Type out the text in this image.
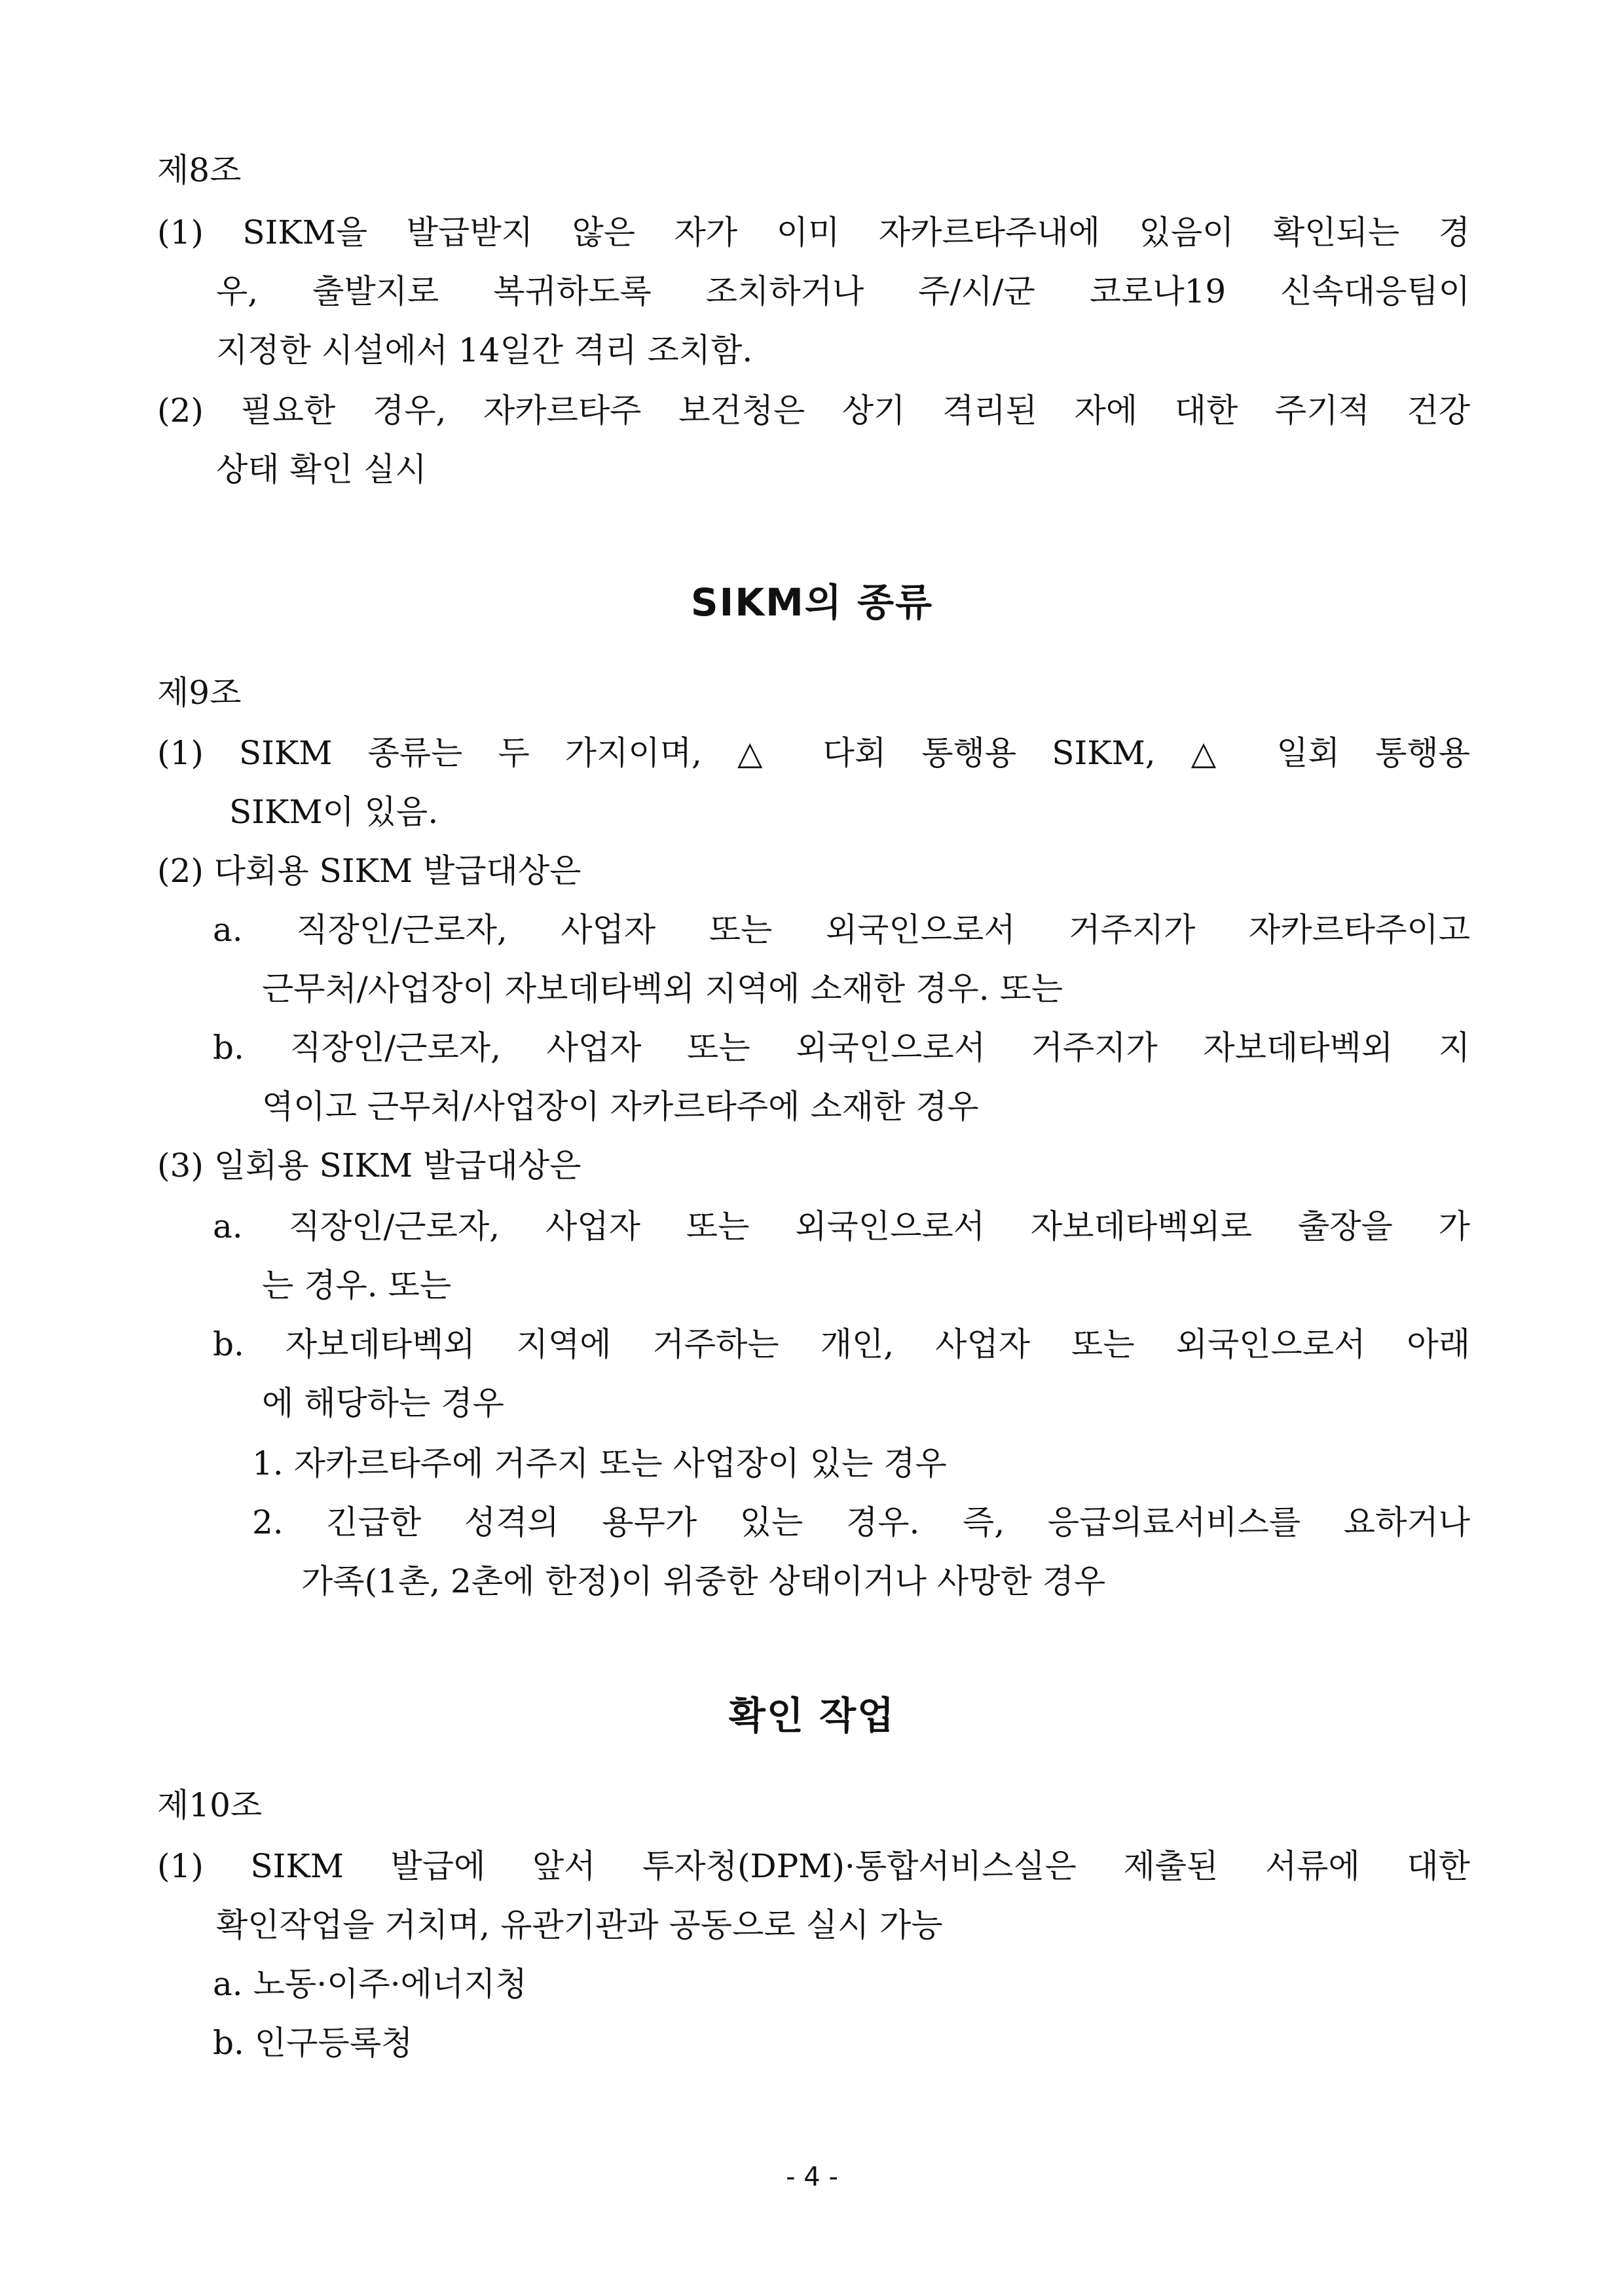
제8조
(1) SIKM을 발급받지 않은 자가 이미 자카르타주내에 있음이 확인되는 경
우, 출발지로 복귀하도록 조치하거나 주/시/군 코로나19 신속대응팀이
지정한 시설에서 14일간 격리 조치함.
(2) 필요한 경우, 자카르타주 보건청은 상기 격리된 자에 대한 주기적 건강
상태 확인 실시
SIKM의 종류
제9조
(1) SIKM 종류는 두 가지이며, △ 다회 통행용 SIKM, △ 일회 통행용
SIKM이 있음.
(2) 다회용 SIKM 발급대상은
a. 직장인/근로자, 사업자 또는 외국인으로서 거주지가 자카르타주이고
근무처/사업장이 자보데타벡외 지역에 소재한 경우. 또는
b. 직장인/근로자, 사업자 또는 외국인으로서 거주지가 자보데타벡외 지
역이고 근무처/사업장이 자카르타주에 소재한 경우
(3) 일회용 SIKM 발급대상은
a. 직장인/근로자, 사업자 또는 외국인으로서 자보데타벡외로 출장을 가
는 경우. 또는
b. 자보데타벡외 지역에 거주하는 개인, 사업자 또는 외국인으로서 아래
에 해당하는 경우
1. 자카르타주에 거주지 또는 사업장이 있는 경우
2. 긴급한 성격의 용무가 있는 경우. 즉, 응급의료서비스를 요하거나
가족(1촌, 2촌에 한정)이 위중한 상태이거나 사망한 경우
확인 작업
제10조
(1) SIKM 발급에 앞서 투자청(DPM)·통합서비스실은 제출된 서류에 대한
확인작업을 거치며, 유관기관과 공동으로 실시 가능
a. 노동·이주·에너지청
b. 인구등록청
- 4 -
